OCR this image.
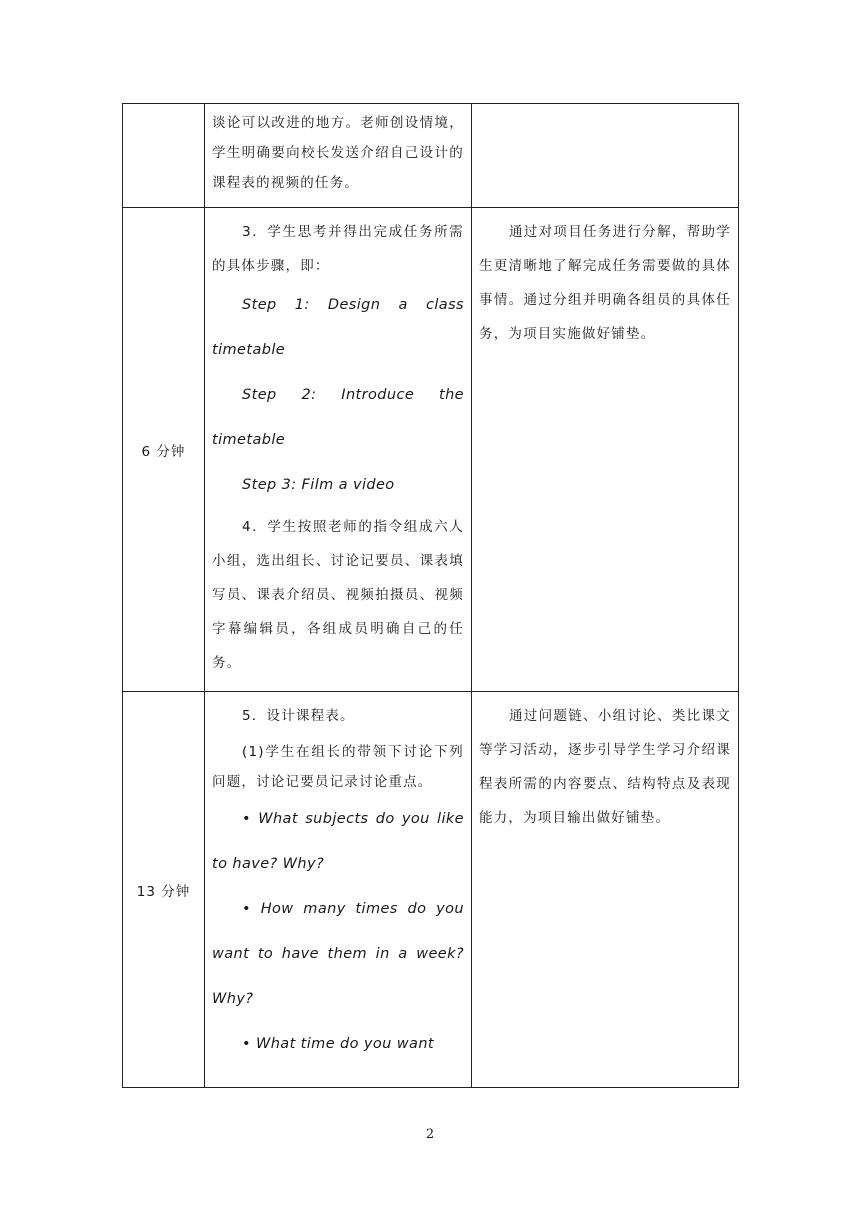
	谈论可以改进的地方。老师创设情境，学生明确要向校长发送介绍自己设计的课程表的视频的任务。	

6 分钟	3．学生思考并得出完成任务所需的具体步骤，即：

Step 1: Design a class timetable

Step 2: Introduce the timetable

Step 3: Film a video

4．学生按照老师的指令组成六人小组，选出组长、讨论记要员、课表填写员、课表介绍员、视频拍摄员、视频字幕编辑员，各组成员明确自己的任务。	通过对项目任务进行分解，帮助学生更清晰地了解完成任务需要做的具体事情。通过分组并明确各组员的具体任务，为项目实施做好铺垫。

13 分钟	5．设计课程表。

(1)学生在组长的带领下讨论下列问题，讨论记要员记录讨论重点。

• What subjects do you like to have? Why?

• How many times do you want to have them in a week? Why?

• What time do you want	通过问题链、小组讨论、类比课文等学习活动，逐步引导学生学习介绍课程表所需的内容要点、结构特点及表现能力，为项目输出做好铺垫。

2
